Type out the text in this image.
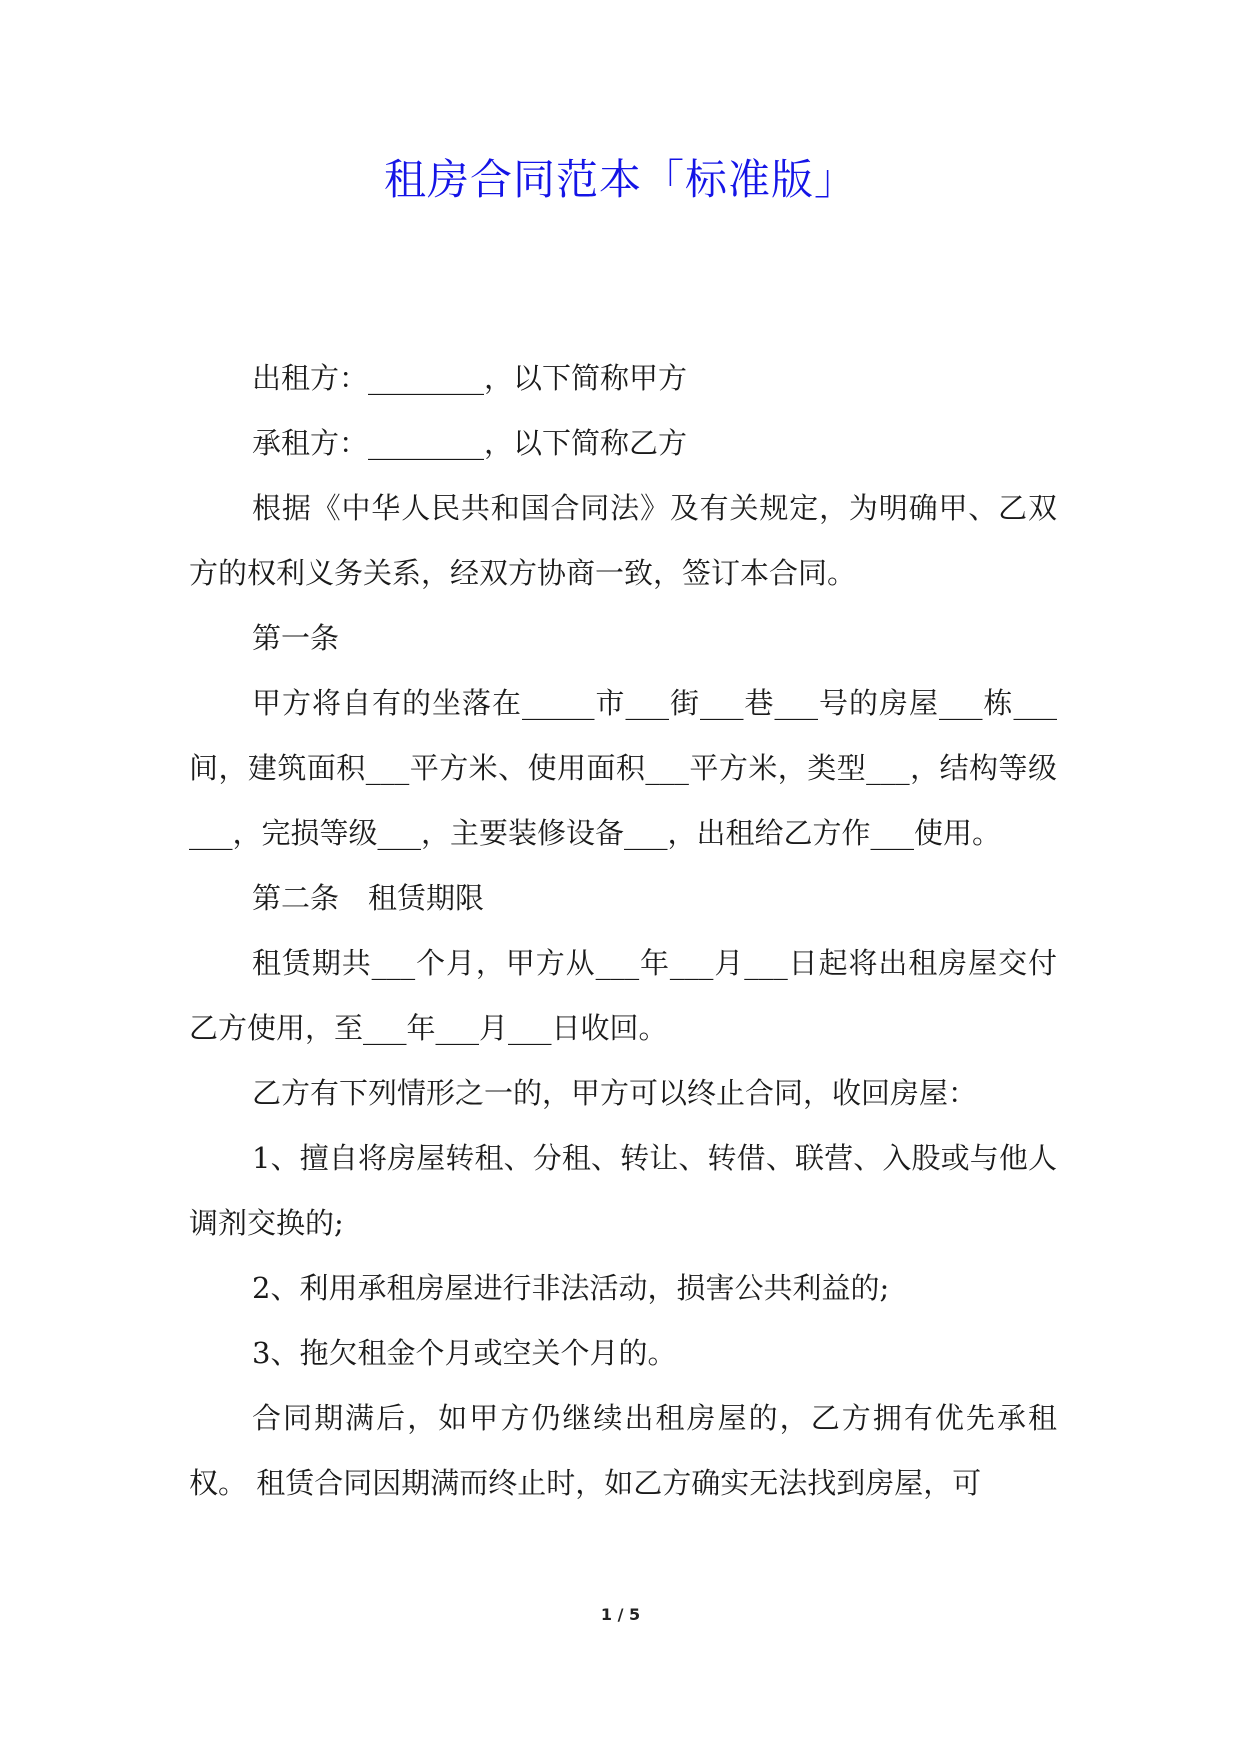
租房合同范本「标准版」

出租方：________，以下简称甲方

承租方：________，以下简称乙方

根据《中华人民共和国合同法》及有关规定，为明确甲、乙双方的权利义务关系，经双方协商一致，签订本合同。

第一条

甲方将自有的坐落在_____市___街___巷___号的房屋___栋___间，建筑面积___平方米、使用面积___平方米，类型___，结构等级___，完损等级___，主要装修设备___，出租给乙方作___使用。

第二条　租赁期限

租赁期共___个月，甲方从___年___月___日起将出租房屋交付乙方使用，至___年___月___日收回。

乙方有下列情形之一的，甲方可以终止合同，收回房屋：

1、擅自将房屋转租、分租、转让、转借、联营、入股或与他人调剂交换的;

2、利用承租房屋进行非法活动，损害公共利益的;

3、拖欠租金个月或空关个月的。

合同期满后，如甲方仍继续出租房屋的，乙方拥有优先承租权。 租赁合同因期满而终止时，如乙方确实无法找到房屋，可

1 / 5
